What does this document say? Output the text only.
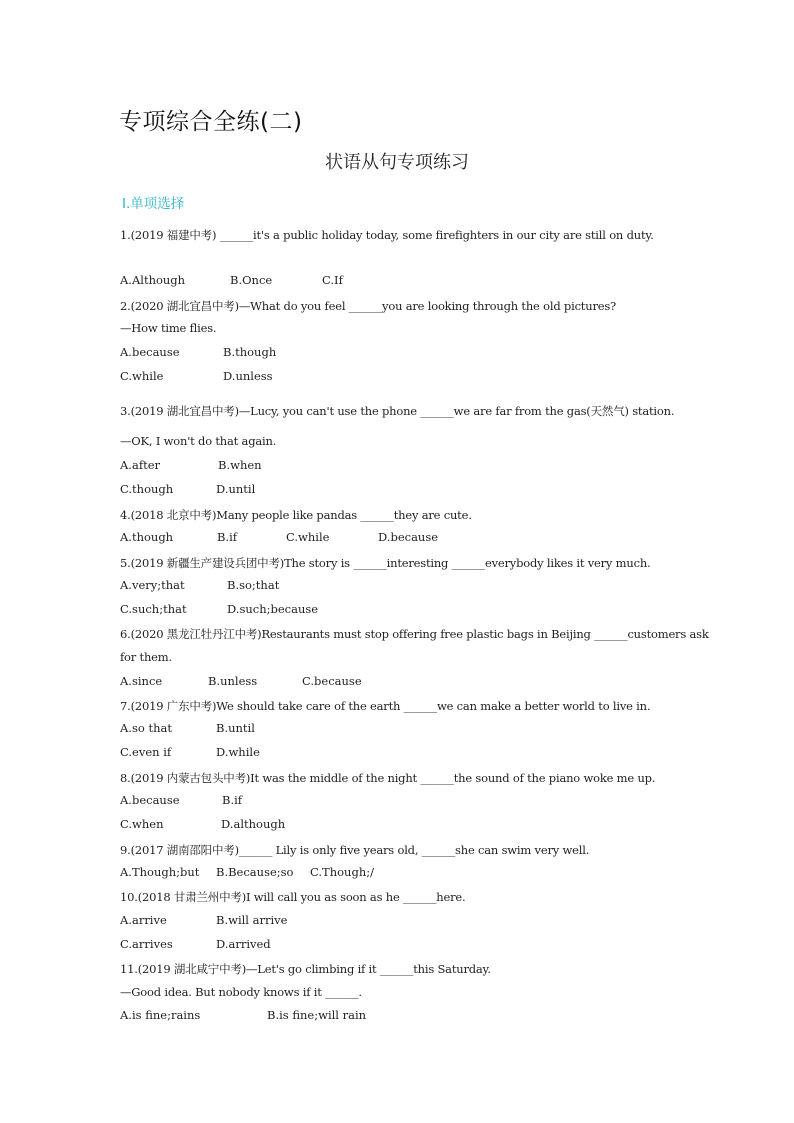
专项综合全练(二)
状语从句专项练习
Ⅰ.单项选择
1.(2019 福建中考) ______it's a public holiday today, some firefighters in our city are still on duty.
A.Although	B.Once	C.If
2.(2020 湖北宜昌中考)—What do you feel ______you are looking through the old pictures?
—How time flies.
A.because	B.though
C.while	D.unless
3.(2019 湖北宜昌中考)—Lucy, you can't use the phone ______we are far from the gas(天然气) station.
—OK, I won't do that again.
A.after	B.when
C.though	D.until
4.(2018 北京中考)Many people like pandas ______they are cute.
A.though	B.if	C.while	D.because
5.(2019 新疆生产建设兵团中考)The story is ______interesting ______everybody likes it very much.
A.very;that	B.so;that
C.such;that	D.such;because
6.(2020 黑龙江牡丹江中考)Restaurants must stop offering free plastic bags in Beijing ______customers ask
for them.
A.since	B.unless	C.because
7.(2019 广东中考)We should take care of the earth ______we can make a better world to live in.
A.so that	B.until
C.even if	D.while
8.(2019 内蒙古包头中考)It was the middle of the night ______the sound of the piano woke me up.
A.because	B.if
C.when	D.although
9.(2017 湖南邵阳中考)______ Lily is only five years old, ______she can swim very well.
A.Though;but B.Because;so C.Though;/
10.(2018 甘肃兰州中考)I will call you as soon as he ______here.
A.arrive	B.will arrive
C.arrives	D.arrived
11.(2019 湖北咸宁中考)—Let's go climbing if it ______this Saturday.
—Good idea. But nobody knows if it ______.
A.is fine;rains	B.is fine;will rain
